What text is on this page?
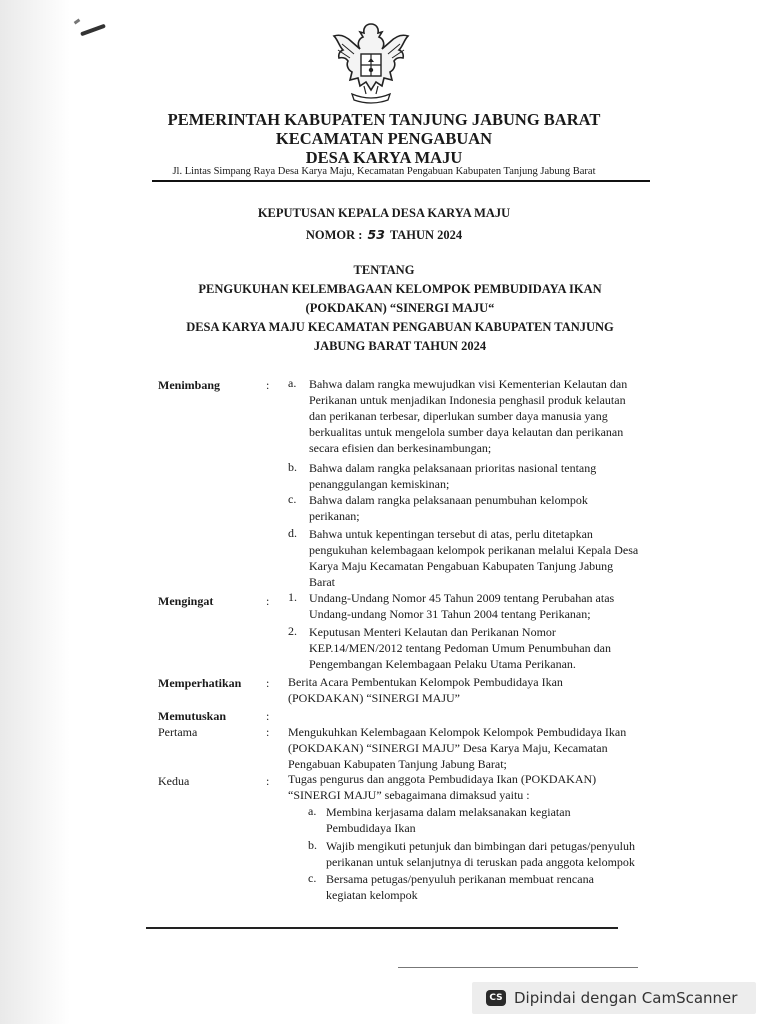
PEMERINTAH KABUPATEN TANJUNG JABUNG BARAT
KECAMATAN PENGABUAN
DESA KARYA MAJU
Jl. Lintas Simpang Raya Desa Karya Maju, Kecamatan Pengabuan Kabupaten Tanjung Jabung Barat
KEPUTUSAN KEPALA DESA KARYA MAJU
NOMOR : 53 TAHUN 2024
TENTANG
PENGUKUHAN KELEMBAGAAN KELOMPOK PEMBUDIDAYA IKAN
(POKDAKAN) “SINERGI MAJU“
DESA KARYA MAJU KECAMATAN PENGABUAN KABUPATEN TANJUNG
JABUNG BARAT TAHUN 2024
Menimbang	: a. Bahwa dalam rangka mewujudkan visi Kementerian Kelautan dan
Perikanan untuk menjadikan Indonesia penghasil produk kelautan
dan perikanan terbesar, diperlukan sumber daya manusia yang
berkualitas untuk mengelola sumber daya kelautan dan perikanan
secara efisien dan berkesinambungan;
b. Bahwa dalam rangka pelaksanaan prioritas nasional tentang
penanggulangan kemiskinan;
c. Bahwa dalam rangka pelaksanaan penumbuhan kelompok
perikanan;
d. Bahwa untuk kepentingan tersebut di atas, perlu ditetapkan
pengukuhan kelembagaan kelompok perikanan melalui Kepala Desa
Karya Maju Kecamatan Pengabuan Kabupaten Tanjung Jabung
Barat
Mengingat	: 1. Undang-Undang Nomor 45 Tahun 2009 tentang Perubahan atas
Undang-undang Nomor 31 Tahun 2004 tentang Perikanan;
2. Keputusan Menteri Kelautan dan Perikanan Nomor
KEP.14/MEN/2012 tentang Pedoman Umum Penumbuhan dan
Pengembangan Kelembagaan Pelaku Utama Perikanan.
Memperhatikan : Berita Acara Pembentukan Kelompok Pembudidaya Ikan
(POKDAKAN) “SINERGI MAJU”
Memutuskan	:
Pertama	: Mengukuhkan Kelembagaan Kelompok Kelompok Pembudidaya Ikan
(POKDAKAN) “SINERGI MAJU” Desa Karya Maju, Kecamatan
Pengabuan Kabupaten Tanjung Jabung Barat;
Kedua	: Tugas pengurus dan anggota Pembudidaya Ikan (POKDAKAN)
“SINERGI MAJU” sebagaimana dimaksud yaitu :
a. Membina kerjasama dalam melaksanakan kegiatan
Pembudidaya Ikan
b. Wajib mengikuti petunjuk dan bimbingan dari petugas/penyuluh
perikanan untuk selanjutnya di teruskan pada anggota kelompok
c. Bersama petugas/penyuluh perikanan membuat rencana
kegiatan kelompok
CS Dipindai dengan CamScanner
